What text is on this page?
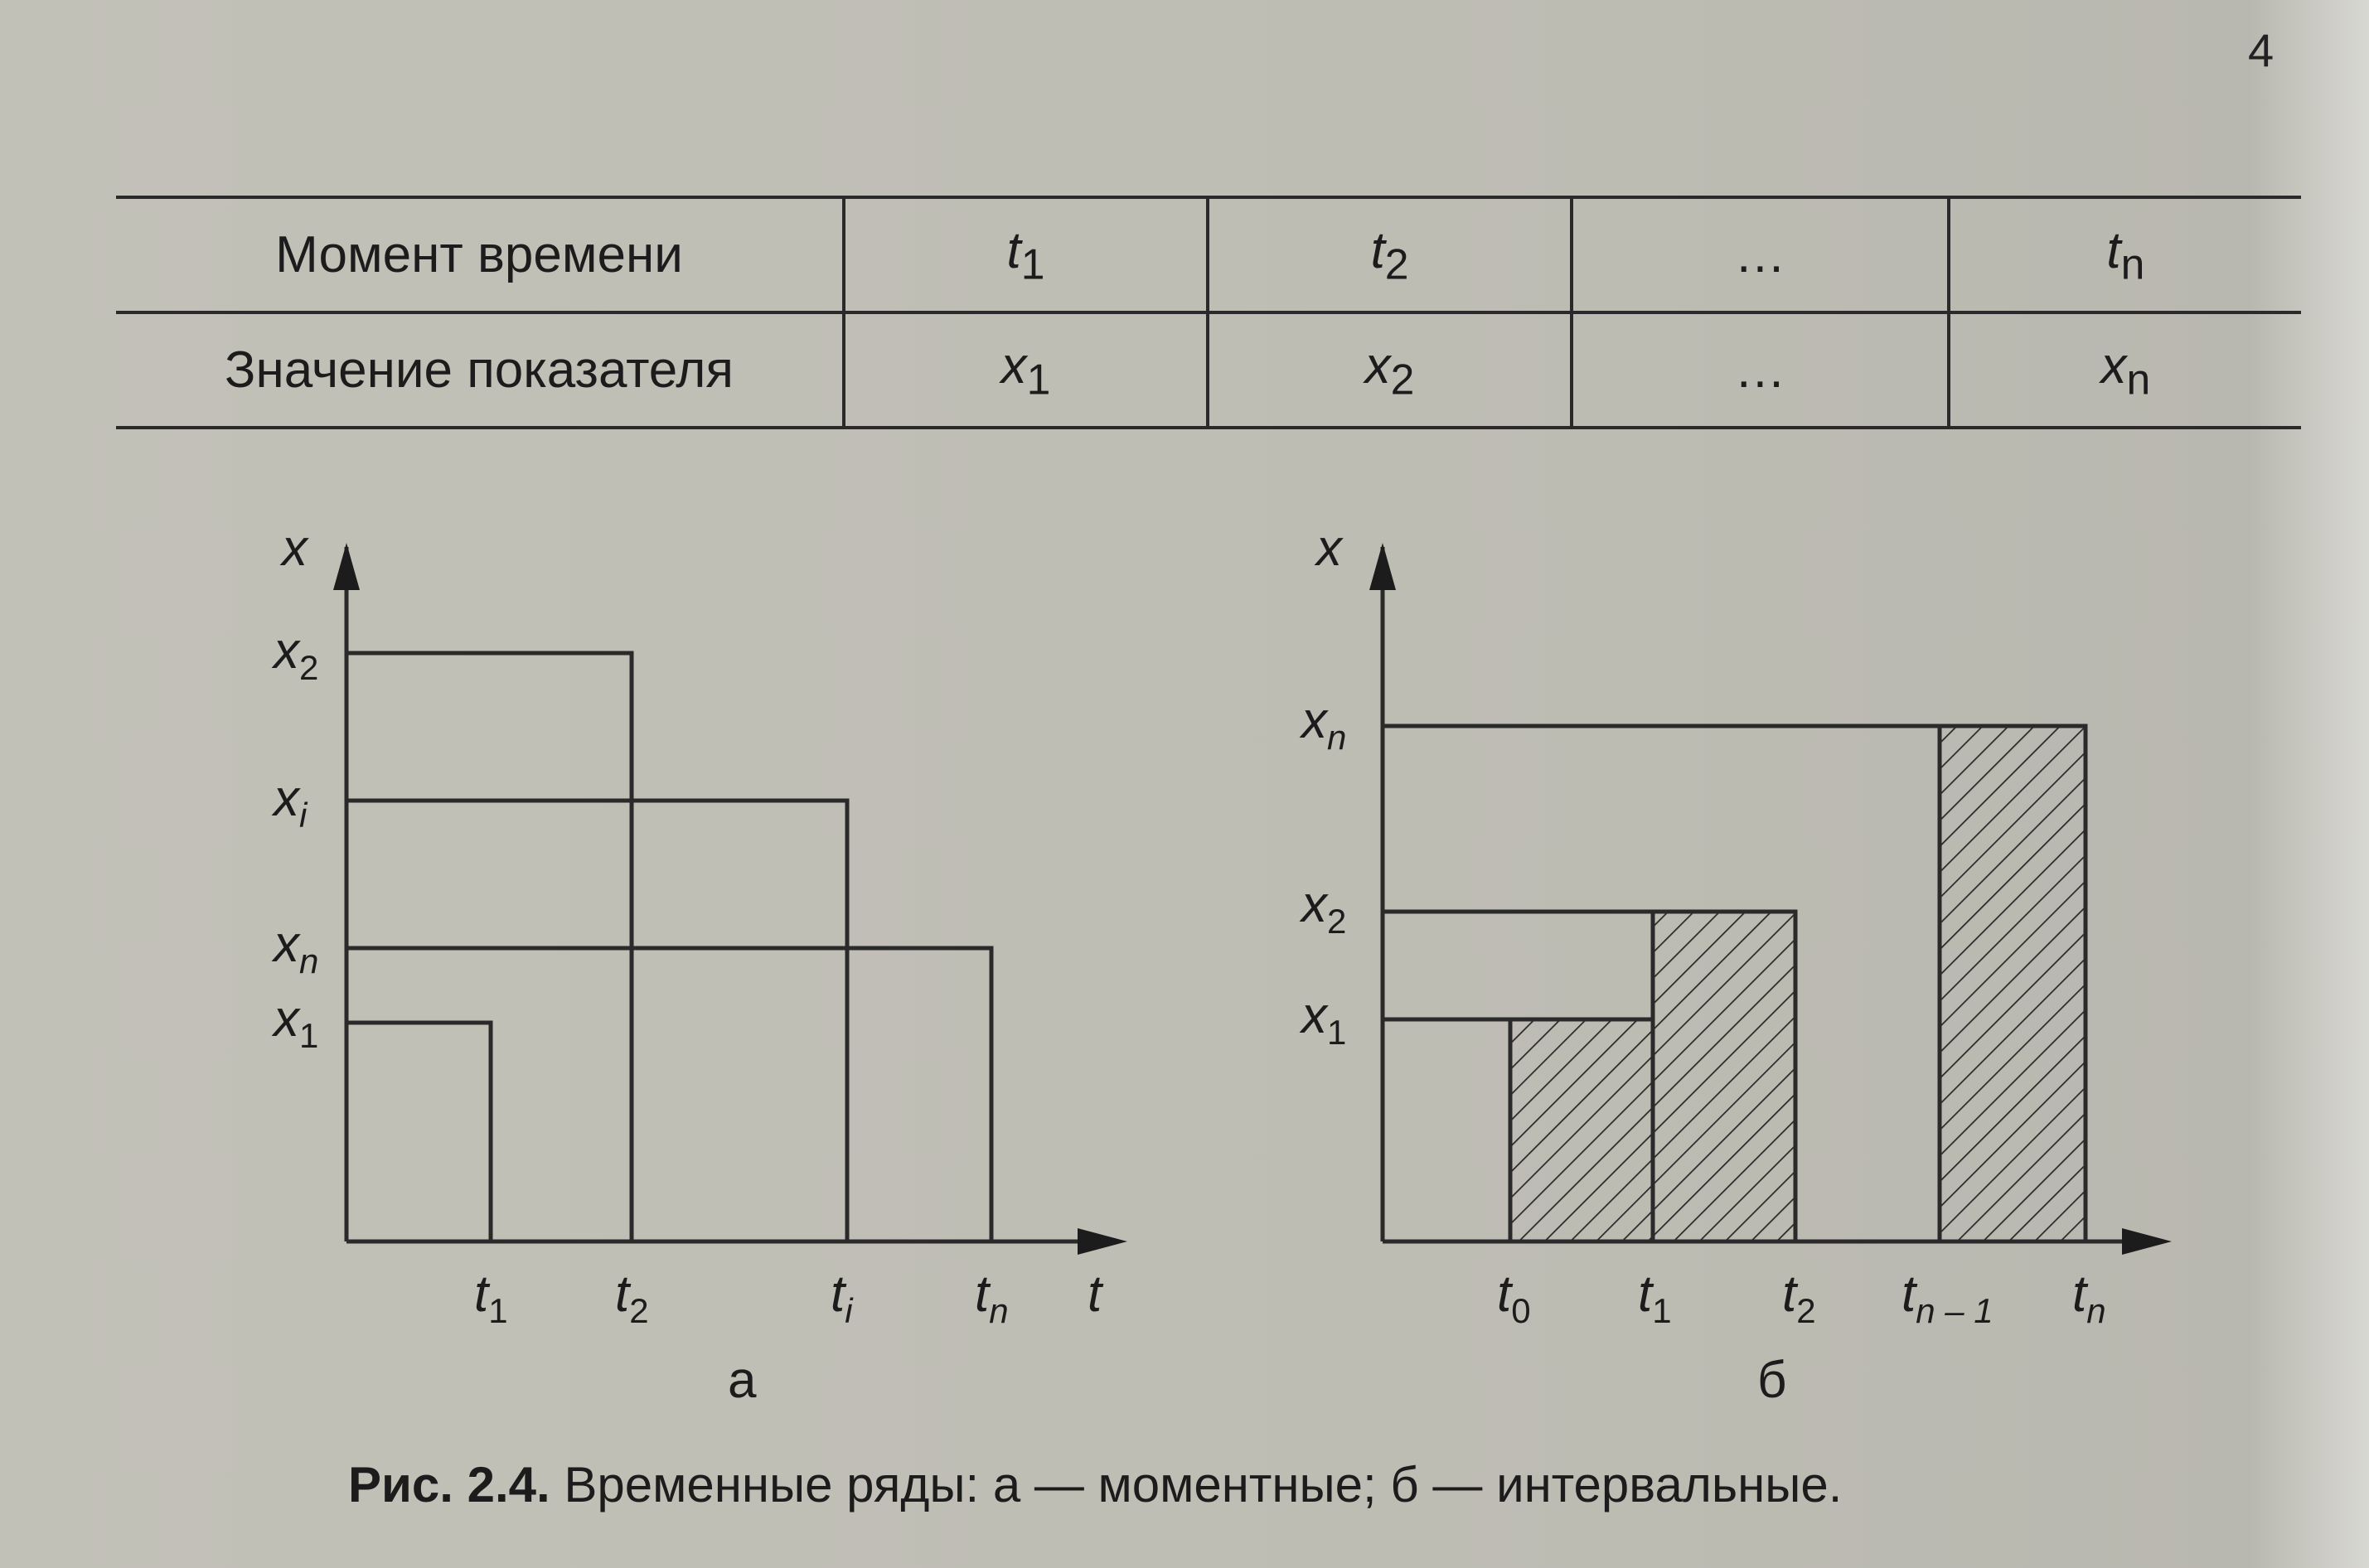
4
Момент времени	$t_1$	$t_2$	…	$t_n$
Значение показателя	$x_1$	$x_2$	…	$x_n$
x
$x_2$
$x_i$
$x_n$
$x_1$
$t_1$ $t_2$	$t_i$ $t_n$ t
а
x
$x_n$
$x_2$
$x_1$
$t_0$ $t_1$ $t_2$ $t_{n - 1}$ $t_n$
б
Рис. 2.4. Временные ряды: а — моментные; б — интервальные.
